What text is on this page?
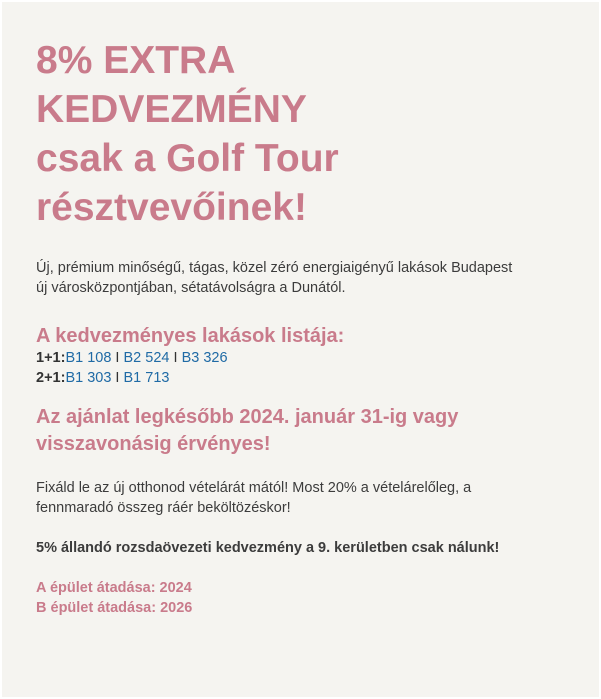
8% EXTRA
KEDVEZMÉNY
csak a Golf Tour
résztvevőinek!

Új, prémium minőségű, tágas, közel zéró energiaigényű lakások Budapest
új városközpontjában, sétatávolságra a Dunától.

A kedvezményes lakások listája:
1+1:B1 108 I B2 524 I B3 326
2+1:B1 303 I B1 713
Az ajánlat legkésőbb 2024. január 31-ig vagy
visszavonásig érvényes!

Fixáld le az új otthonod vételárát mától! Most 20% a vételárelőleg, a
fennmaradó összeg ráér beköltözéskor!

5% állandó rozsdaövezeti kedvezmény a 9. kerületben csak nálunk!

A épület átadása: 2024
B épület átadása: 2026
